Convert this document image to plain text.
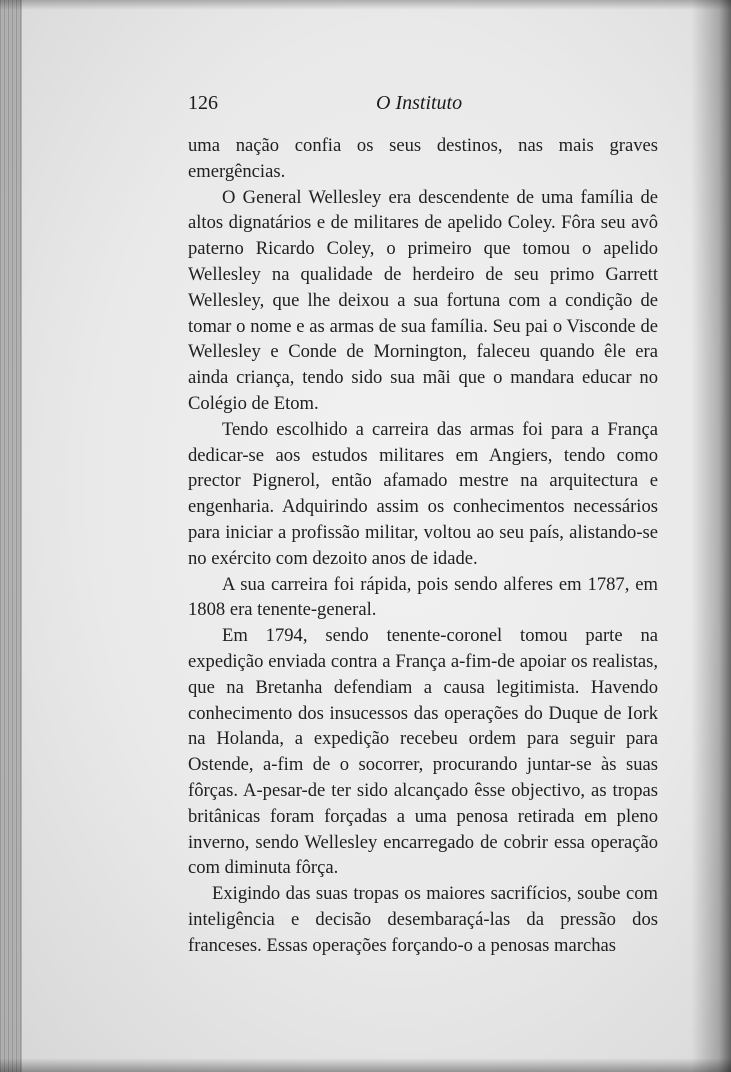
126	O Instituto

uma nação confia os seus destinos, nas mais graves emergências.

O General Wellesley era descendente de uma família de altos dignatários e de militares de apelido Coley. Fôra seu avô paterno Ricardo Coley, o primeiro que tomou o apelido Wellesley na qualidade de herdeiro de seu primo Garrett Wellesley, que lhe deixou a sua fortuna com a condição de tomar o nome e as armas de sua família. Seu pai o Visconde de Wellesley e Conde de Mornington, faleceu quando êle era ainda criança, tendo sido sua mãi que o mandara educar no Colégio de Etom.

Tendo escolhido a carreira das armas foi para a França dedicar-se aos estudos militares em Angiers, tendo como prector Pignerol, então afamado mestre na arquitectura e engenharia. Adquirindo assim os conhecimentos necessários para iniciar a profissão militar, voltou ao seu país, alistando-se no exército com dezoito anos de idade.

A sua carreira foi rápida, pois sendo alferes em 1787, em 1808 era tenente-general.

Em 1794, sendo tenente-coronel tomou parte na expedição enviada contra a França a-fim-de apoiar os realistas, que na Bretanha defendiam a causa legitimista. Havendo conhecimento dos insucessos das operações do Duque de Iork na Holanda, a expedição recebeu ordem para seguir para Ostende, a-fim de o socorrer, procurando juntar-se às suas fôrças. A-pesar-de ter sido alcançado êsse objectivo, as tropas britânicas foram forçadas a uma penosa retirada em pleno inverno, sendo Wellesley encarregado de cobrir essa operação com diminuta fôrça.

Exigindo das suas tropas os maiores sacrifícios, soube com inteligência e decisão desembaraçá-las da pressão dos franceses. Essas operações forçando-o a penosas marchas
